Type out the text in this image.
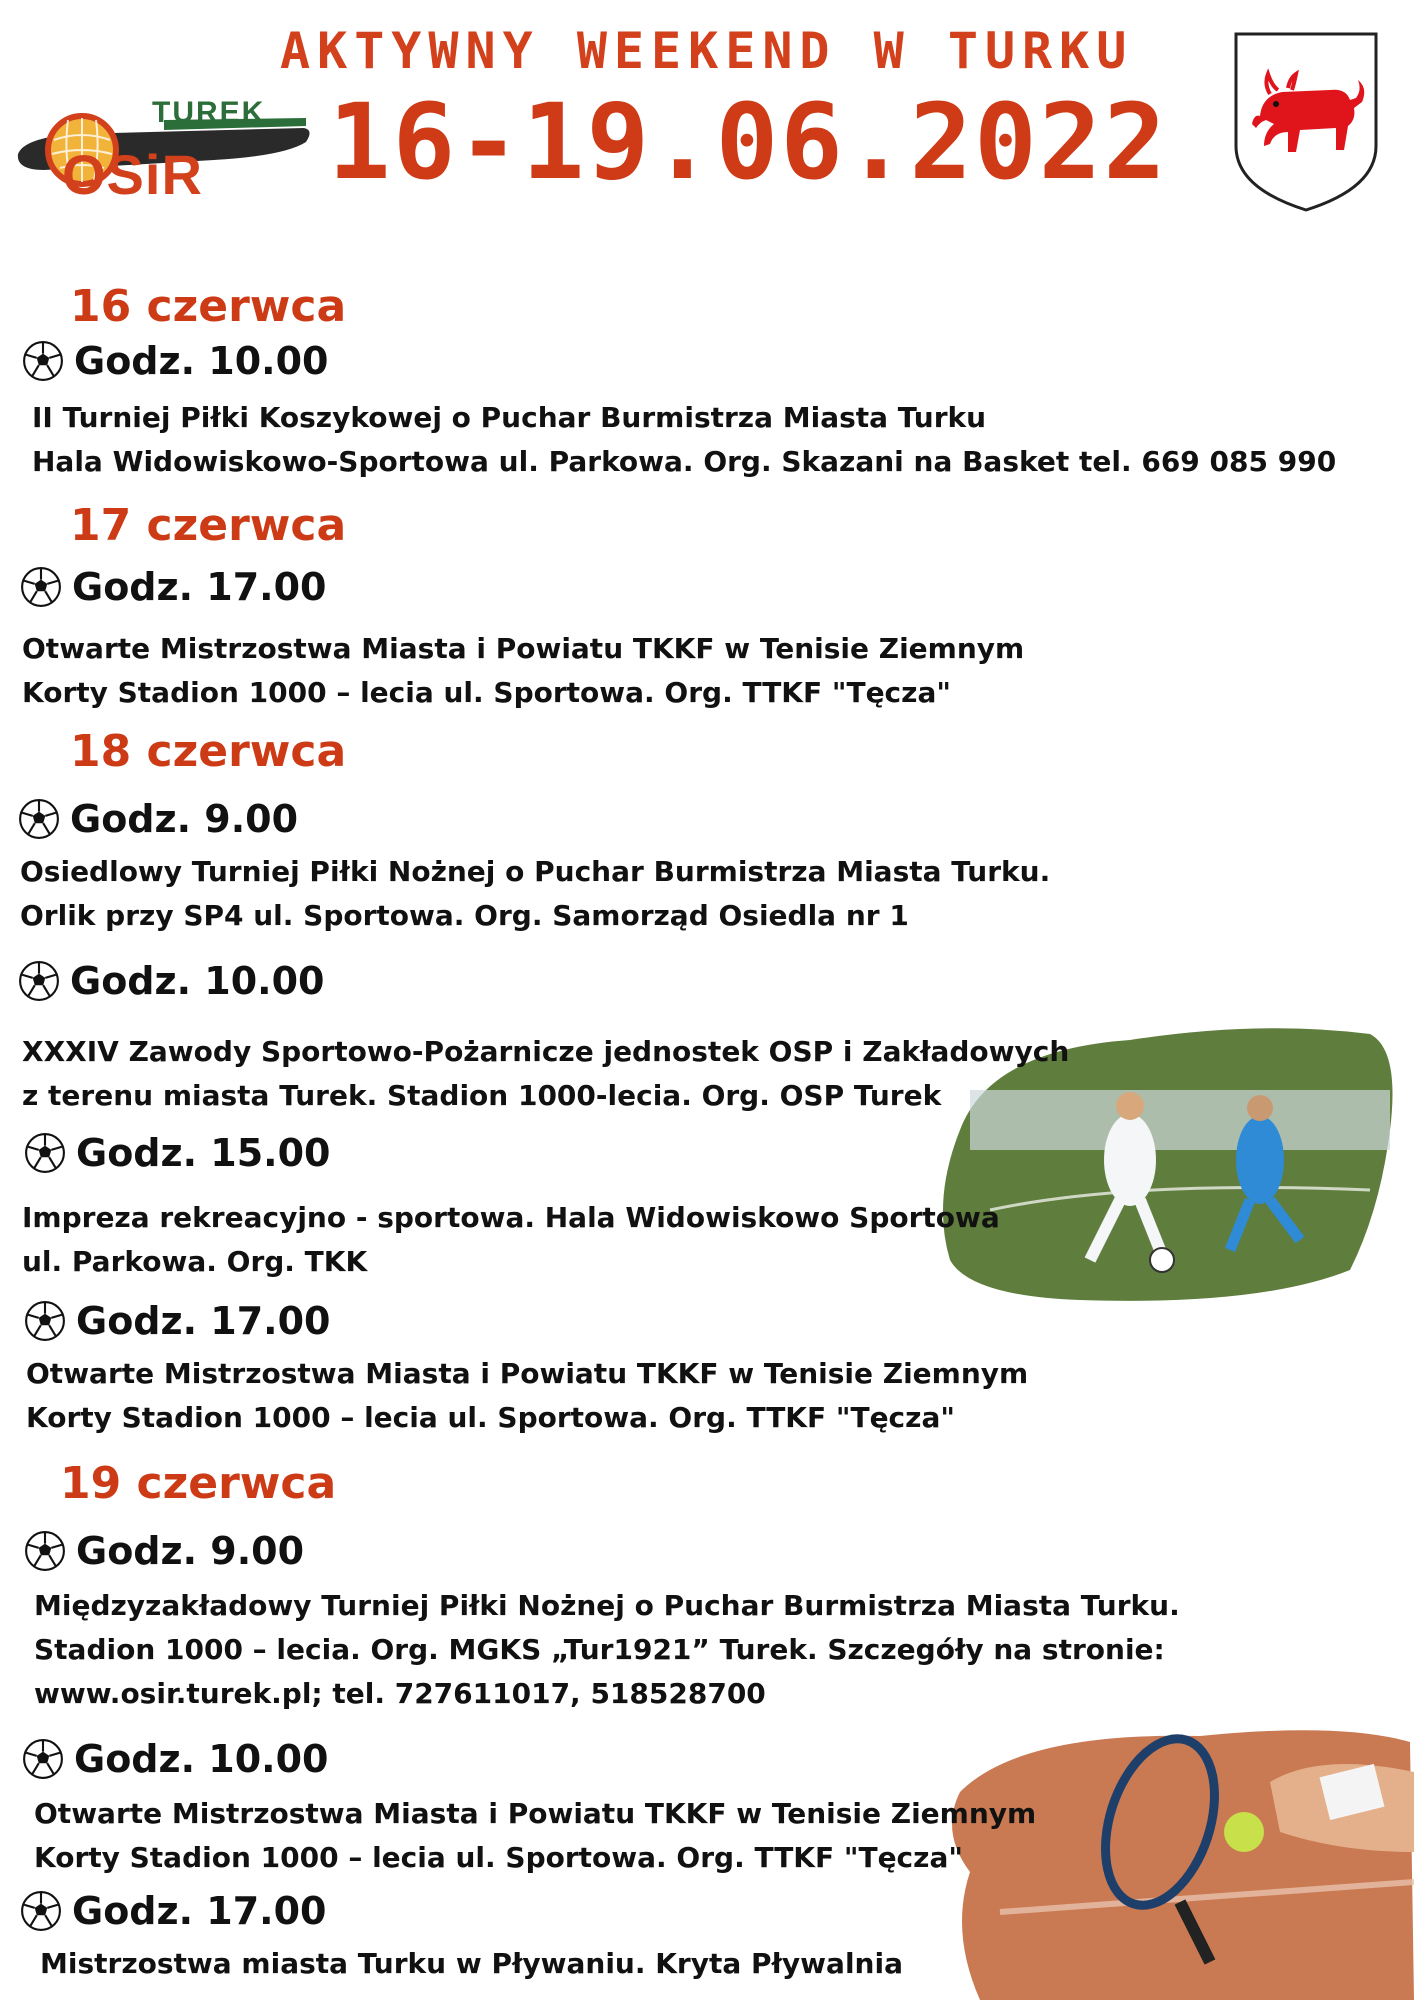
AKTYWNY WEEKEND W TURKU
16-19.06.2022
TUREK
OSiR
16 czerwca
Godz. 10.00
II Turniej Piłki Koszykowej o Puchar Burmistrza Miasta Turku
Hala Widowiskowo-Sportowa ul. Parkowa. Org. Skazani na Basket tel. 669 085 990
17 czerwca
Godz. 17.00
Otwarte Mistrzostwa Miasta i Powiatu TKKF w Tenisie Ziemnym
Korty Stadion 1000 – lecia ul. Sportowa. Org. TTKF "Tęcza"
18 czerwca
Godz. 9.00
Osiedlowy Turniej Piłki Nożnej o Puchar Burmistrza Miasta Turku.
Orlik przy SP4 ul. Sportowa. Org. Samorząd Osiedla nr 1
Godz. 10.00
XXXIV Zawody Sportowo-Pożarnicze jednostek OSP i Zakładowych
z terenu miasta Turek. Stadion 1000-lecia. Org. OSP Turek
Godz. 15.00
Impreza rekreacyjno - sportowa. Hala Widowiskowo Sportowa
ul. Parkowa. Org. TKK
Godz. 17.00
Otwarte Mistrzostwa Miasta i Powiatu TKKF w Tenisie Ziemnym
Korty Stadion 1000 – lecia ul. Sportowa. Org. TTKF "Tęcza"
19 czerwca
Godz. 9.00
Międzyzakładowy Turniej Piłki Nożnej o Puchar Burmistrza Miasta Turku.
Stadion 1000 – lecia. Org. MGKS „Tur1921” Turek. Szczegóły na stronie:
www.osir.turek.pl; tel. 727611017, 518528700
Godz. 10.00
Otwarte Mistrzostwa Miasta i Powiatu TKKF w Tenisie Ziemnym
Korty Stadion 1000 – lecia ul. Sportowa. Org. TTKF "Tęcza"
Godz. 17.00
Mistrzostwa miasta Turku w Pływaniu. Kryta Pływalnia
